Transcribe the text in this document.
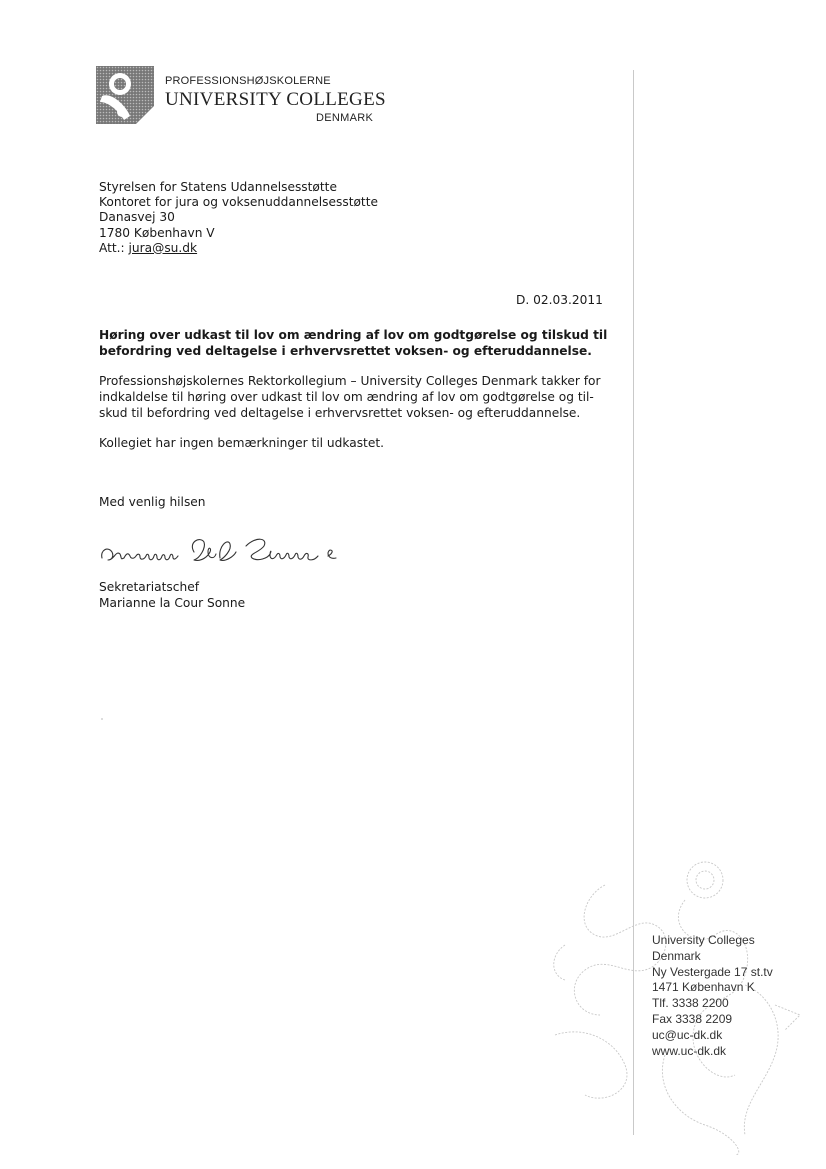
PROFESSIONSHØJSKOLERNE
UNIVERSITY COLLEGES
DENMARK
Styrelsen for Statens Udannelsesstøtte
Kontoret for jura og voksenuddannelsesstøtte
Danasvej 30
1780 København V
Att.: jura@su.dk
D. 02.03.2011
Høring over udkast til lov om ændring af lov om godtgørelse og tilskud til
befordring ved deltagelse i erhvervsrettet voksen- og efteruddannelse.
Professionshøjskolernes Rektorkollegium – University Colleges Denmark takker for
indkaldelse til høring over udkast til lov om ændring af lov om godtgørelse og til-
skud til befordring ved deltagelse i erhvervsrettet voksen- og efteruddannelse.
Kollegiet har ingen bemærkninger til udkastet.
Med venlig hilsen
Sekretariatschef
Marianne la Cour Sonne
University Colleges
Denmark
Ny Vestergade 17 st.tv
1471 København K
Tlf. 3338 2200
Fax 3338 2209
uc@uc-dk.dk
www.uc-dk.dk
